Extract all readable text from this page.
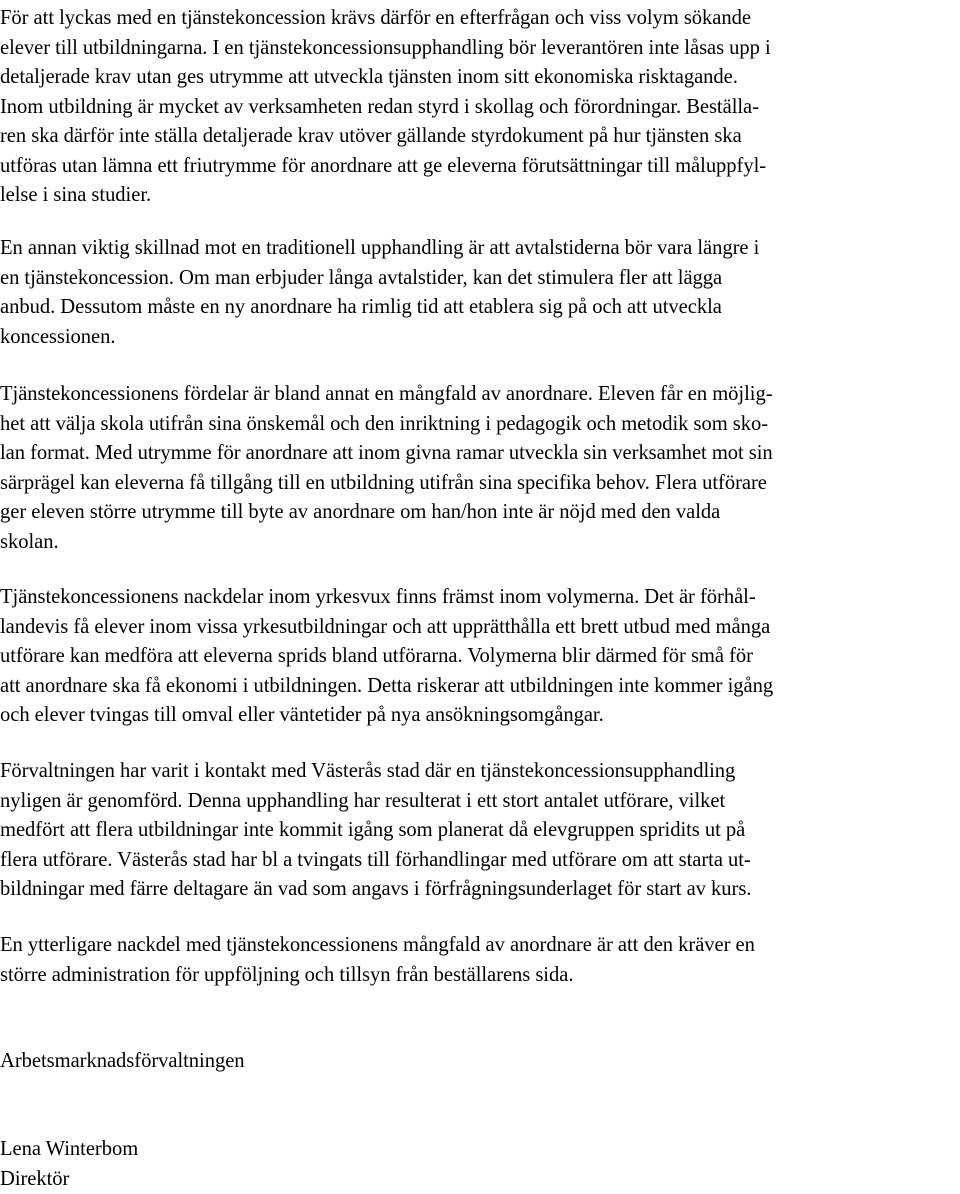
För att lyckas med en tjänstekoncession krävs därför en efterfrågan och viss volym sökande
elever till utbildningarna. I en tjänstekoncessionsupphandling bör leverantören inte låsas upp i
detaljerade krav utan ges utrymme att utveckla tjänsten inom sitt ekonomiska risktagande.
Inom utbildning är mycket av verksamheten redan styrd i skollag och förordningar. Beställa-
ren ska därför inte ställa detaljerade krav utöver gällande styrdokument på hur tjänsten ska
utföras utan lämna ett friutrymme för anordnare att ge eleverna förutsättningar till måluppfyl-
lelse i sina studier.
En annan viktig skillnad mot en traditionell upphandling är att avtalstiderna bör vara längre i
en tjänstekoncession. Om man erbjuder långa avtalstider, kan det stimulera fler att lägga
anbud. Dessutom måste en ny anordnare ha rimlig tid att etablera sig på och att utveckla
koncessionen.
Tjänstekoncessionens fördelar är bland annat en mångfald av anordnare. Eleven får en möjlig-
het att välja skola utifrån sina önskemål och den inriktning i pedagogik och metodik som sko-
lan format. Med utrymme för anordnare att inom givna ramar utveckla sin verksamhet mot sin
särprägel kan eleverna få tillgång till en utbildning utifrån sina specifika behov. Flera utförare
ger eleven större utrymme till byte av anordnare om han/hon inte är nöjd med den valda
skolan.
Tjänstekoncessionens nackdelar inom yrkesvux finns främst inom volymerna. Det är förhål-
landevis få elever inom vissa yrkesutbildningar och att upprätthålla ett brett utbud med många
utförare kan medföra att eleverna sprids bland utförarna. Volymerna blir därmed för små för
att anordnare ska få ekonomi i utbildningen. Detta riskerar att utbildningen inte kommer igång
och elever tvingas till omval eller väntetider på nya ansökningsomgångar.
Förvaltningen har varit i kontakt med Västerås stad där en tjänstekoncessionsupphandling
nyligen är genomförd. Denna upphandling har resulterat i ett stort antalet utförare, vilket
medfört att flera utbildningar inte kommit igång som planerat då elevgruppen spridits ut på
flera utförare. Västerås stad har bl a tvingats till förhandlingar med utförare om att starta ut-
bildningar med färre deltagare än vad som angavs i förfrågningsunderlaget för start av kurs.
En ytterligare nackdel med tjänstekoncessionens mångfald av anordnare är att den kräver en
större administration för uppföljning och tillsyn från beställarens sida.
Arbetsmarknadsförvaltningen
Lena Winterbom
Direktör
